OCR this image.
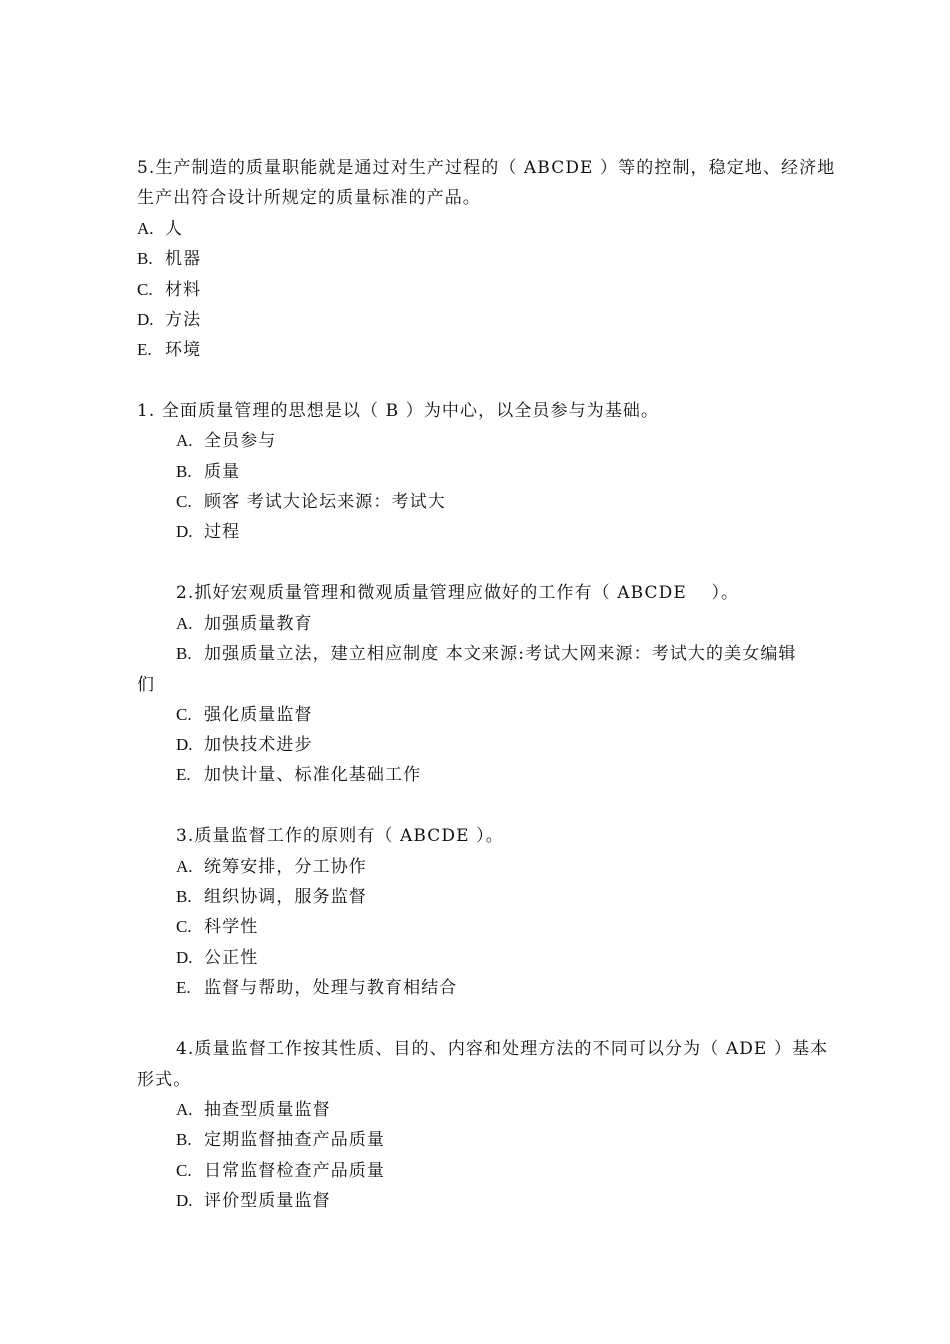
5.生产制造的质量职能就是通过对生产过程的（ ABCDE ）等的控制，稳定地、经济地
生产出符合设计所规定的质量标准的产品。
A. 人
B. 机器
C. 材料
D. 方法
E. 环境
1. 全面质量管理的思想是以（ B ）为中心，以全员参与为基础。
A. 全员参与
B. 质量
C. 顾客 考试大论坛来源：考试大
D. 过程
2.抓好宏观质量管理和微观质量管理应做好的工作有（ ABCDE　 ）。
A. 加强质量教育
B. 加强质量立法，建立相应制度 本文来源:考试大网来源：考试大的美女编辑
们
C. 强化质量监督
D. 加快技术进步
E. 加快计量、标准化基础工作
3.质量监督工作的原则有（ ABCDE ）。
A. 统筹安排，分工协作
B. 组织协调，服务监督
C. 科学性
D. 公正性
E. 监督与帮助，处理与教育相结合
4.质量监督工作按其性质、目的、内容和处理方法的不同可以分为（ ADE ）基本
形式。
A. 抽查型质量监督
B. 定期监督抽查产品质量
C. 日常监督检查产品质量
D. 评价型质量监督
